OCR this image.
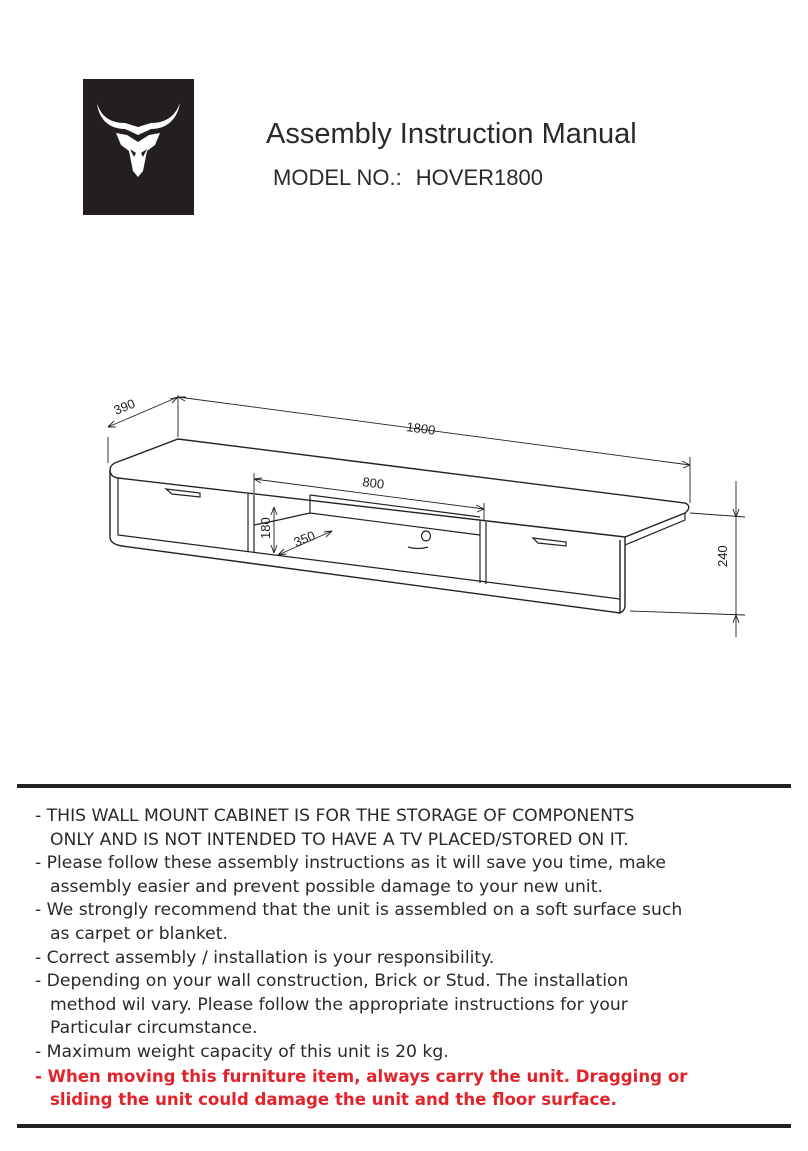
TAURIS
Assembly Instruction Manual
MODEL NO.: HOVER1800
390
1800
800
180 350
240
- THIS WALL MOUNT CABINET IS FOR THE STORAGE OF COMPONENTS
ONLY AND IS NOT INTENDED TO HAVE A TV PLACED/STORED ON IT.
- Please follow these assembly instructions as it will save you time, make
assembly easier and prevent possible damage to your new unit.
- We strongly recommend that the unit is assembled on a soft surface such
as carpet or blanket.
- Correct assembly / installation is your responsibility.
- Depending on your wall construction, Brick or Stud. The installation
method wil vary. Please follow the appropriate instructions for your
Particular circumstance.
- Maximum weight capacity of this unit is 20 kg.
- When moving this furniture item, always carry the unit. Dragging or
sliding the unit could damage the unit and the floor surface.
